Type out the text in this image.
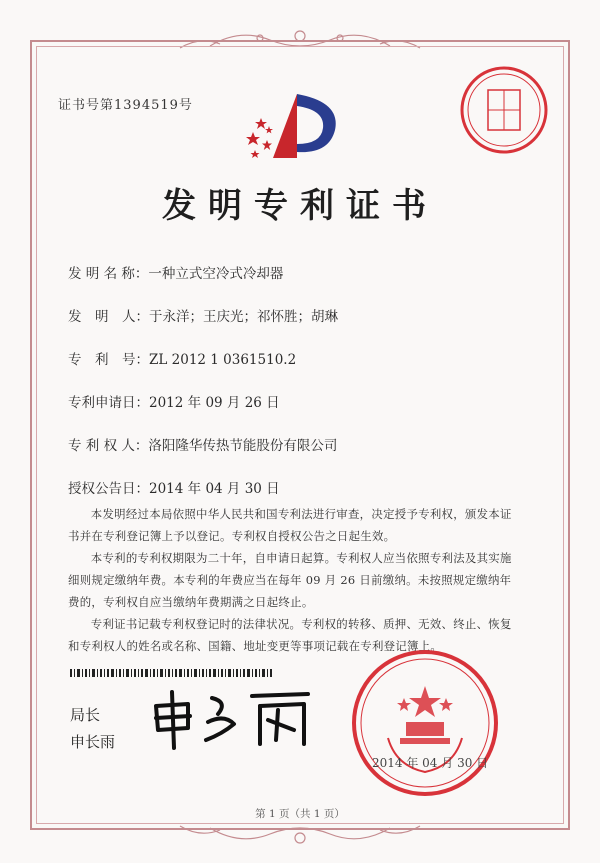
证书号第1394519号
发明专利证书
发 明 名 称：一种立式空冷式冷却器
发　明　人：于永洋；王庆光；祁怀胜；胡琳
专　利　号：ZL 2012 1 0361510.2
专利申请日：2012 年 09 月 26 日
专 利 权 人：洛阳隆华传热节能股份有限公司
授权公告日：2014 年 04 月 30 日

本发明经过本局依照中华人民共和国专利法进行审查，决定授予专利权，颁发本证书并在专利登记簿上予以登记。专利权自授权公告之日起生效。

本专利的专利权期限为二十年，自申请日起算。专利权人应当依照专利法及其实施细则规定缴纳年费。本专利的年费应当在每年 09 月 26 日前缴纳。未按照规定缴纳年费的，专利权自应当缴纳年费期满之日起终止。

专利证书记载专利权登记时的法律状况。专利权的转移、质押、无效、终止、恢复和专利权人的姓名或名称、国籍、地址变更等事项记载在专利登记簿上。

局长
申长雨
2014 年 04 月 30 日
第 1 页（共 1 页）
